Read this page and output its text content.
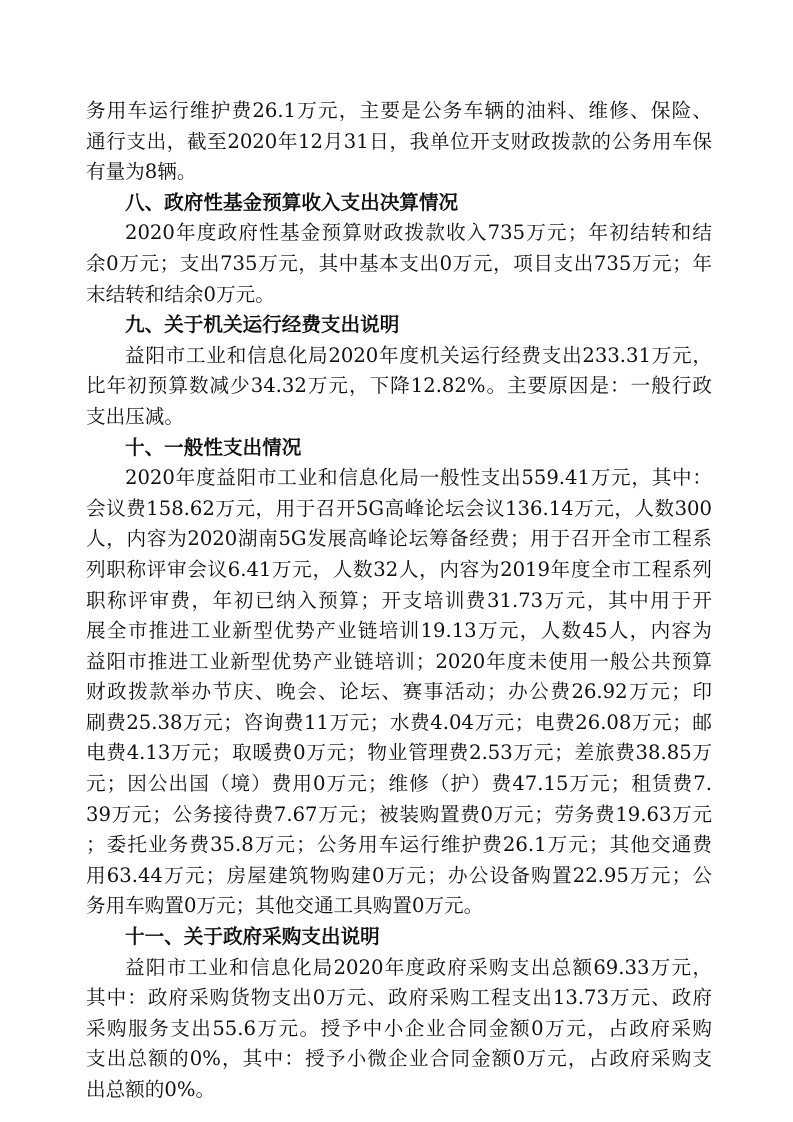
务用车运行维护费26.1万元，主要是公务车辆的油料、维修、保险、
通行支出，截至2020年12月31日，我单位开支财政拨款的公务用车保
有量为8辆。
八、政府性基金预算收入支出决算情况
2020年度政府性基金预算财政拨款收入735万元；年初结转和结
余0万元；支出735万元，其中基本支出0万元，项目支出735万元；年
末结转和结余0万元。
九、关于机关运行经费支出说明
益阳市工业和信息化局2020年度机关运行经费支出233.31万元，
比年初预算数减少34.32万元，下降12.82%。主要原因是：一般行政
支出压减。
十、一般性支出情况
2020年度益阳市工业和信息化局一般性支出559.41万元，其中：
会议费158.62万元，用于召开5G高峰论坛会议136.14万元，人数300
人，内容为2020湖南5G发展高峰论坛筹备经费；用于召开全市工程系
列职称评审会议6.41万元，人数32人，内容为2019年度全市工程系列
职称评审费，年初已纳入预算；开支培训费31.73万元，其中用于开
展全市推进工业新型优势产业链培训19.13万元，人数45人，内容为
益阳市推进工业新型优势产业链培训；2020年度未使用一般公共预算
财政拨款举办节庆、晚会、论坛、赛事活动；办公费26.92万元；印
刷费25.38万元；咨询费11万元；水费4.04万元；电费26.08万元；邮
电费4.13万元；取暖费0万元；物业管理费2.53万元；差旅费38.85万
元；因公出国（境）费用0万元；维修（护）费47.15万元；租赁费7.
39万元；公务接待费7.67万元；被装购置费0万元；劳务费19.63万元
；委托业务费35.8万元；公务用车运行维护费26.1万元；其他交通费
用63.44万元；房屋建筑物购建0万元；办公设备购置22.95万元；公
务用车购置0万元；其他交通工具购置0万元。
十一、关于政府采购支出说明
益阳市工业和信息化局2020年度政府采购支出总额69.33万元，
其中：政府采购货物支出0万元、政府采购工程支出13.73万元、政府
采购服务支出55.6万元。授予中小企业合同金额0万元，占政府采购
支出总额的0%，其中：授予小微企业合同金额0万元，占政府采购支
出总额的0%。
